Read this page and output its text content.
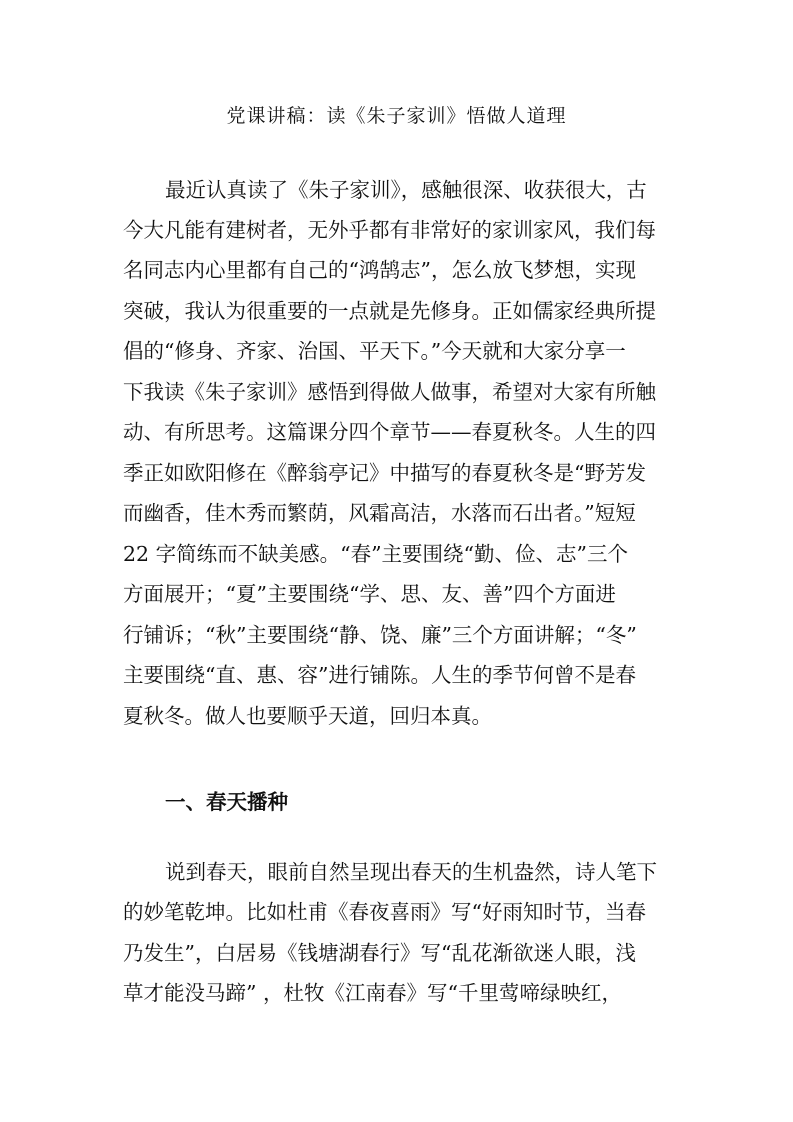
党课讲稿：读《朱子家训》悟做人道理

最近认真读了《朱子家训》，感触很深、收获很大，古

今大凡能有建树者，无外乎都有非常好的家训家风，我们每

名同志内心里都有自己的“鸿鹄志”，怎么放飞梦想，实现

突破，我认为很重要的一点就是先修身。正如儒家经典所提

倡的“修身、齐家、治国、平天下。”今天就和大家分享一

下我读《朱子家训》感悟到得做人做事，希望对大家有所触

动、有所思考。这篇课分四个章节——春夏秋冬。人生的四

季正如欧阳修在《醉翁亭记》中描写的春夏秋冬是“野芳发

而幽香，佳木秀而繁荫，风霜高洁，水落而石出者。”短短

22 字简练而不缺美感。“春”主要围绕“勤、俭、志”三个

方面展开；“夏”主要围绕“学、思、友、善”四个方面进

行铺诉；“秋”主要围绕“静、饶、廉”三个方面讲解；“冬”

主要围绕“直、惠、容”进行铺陈。人生的季节何曾不是春

夏秋冬。做人也要顺乎天道，回归本真。

一、春天播种

说到春天，眼前自然呈现出春天的生机盎然，诗人笔下

的妙笔乾坤。比如杜甫《春夜喜雨》写“好雨知时节，当春

乃发生”，白居易《钱塘湖春行》写“乱花渐欲迷人眼，浅

草才能没马蹄” ，杜牧《江南春》写“千里莺啼绿映红，
